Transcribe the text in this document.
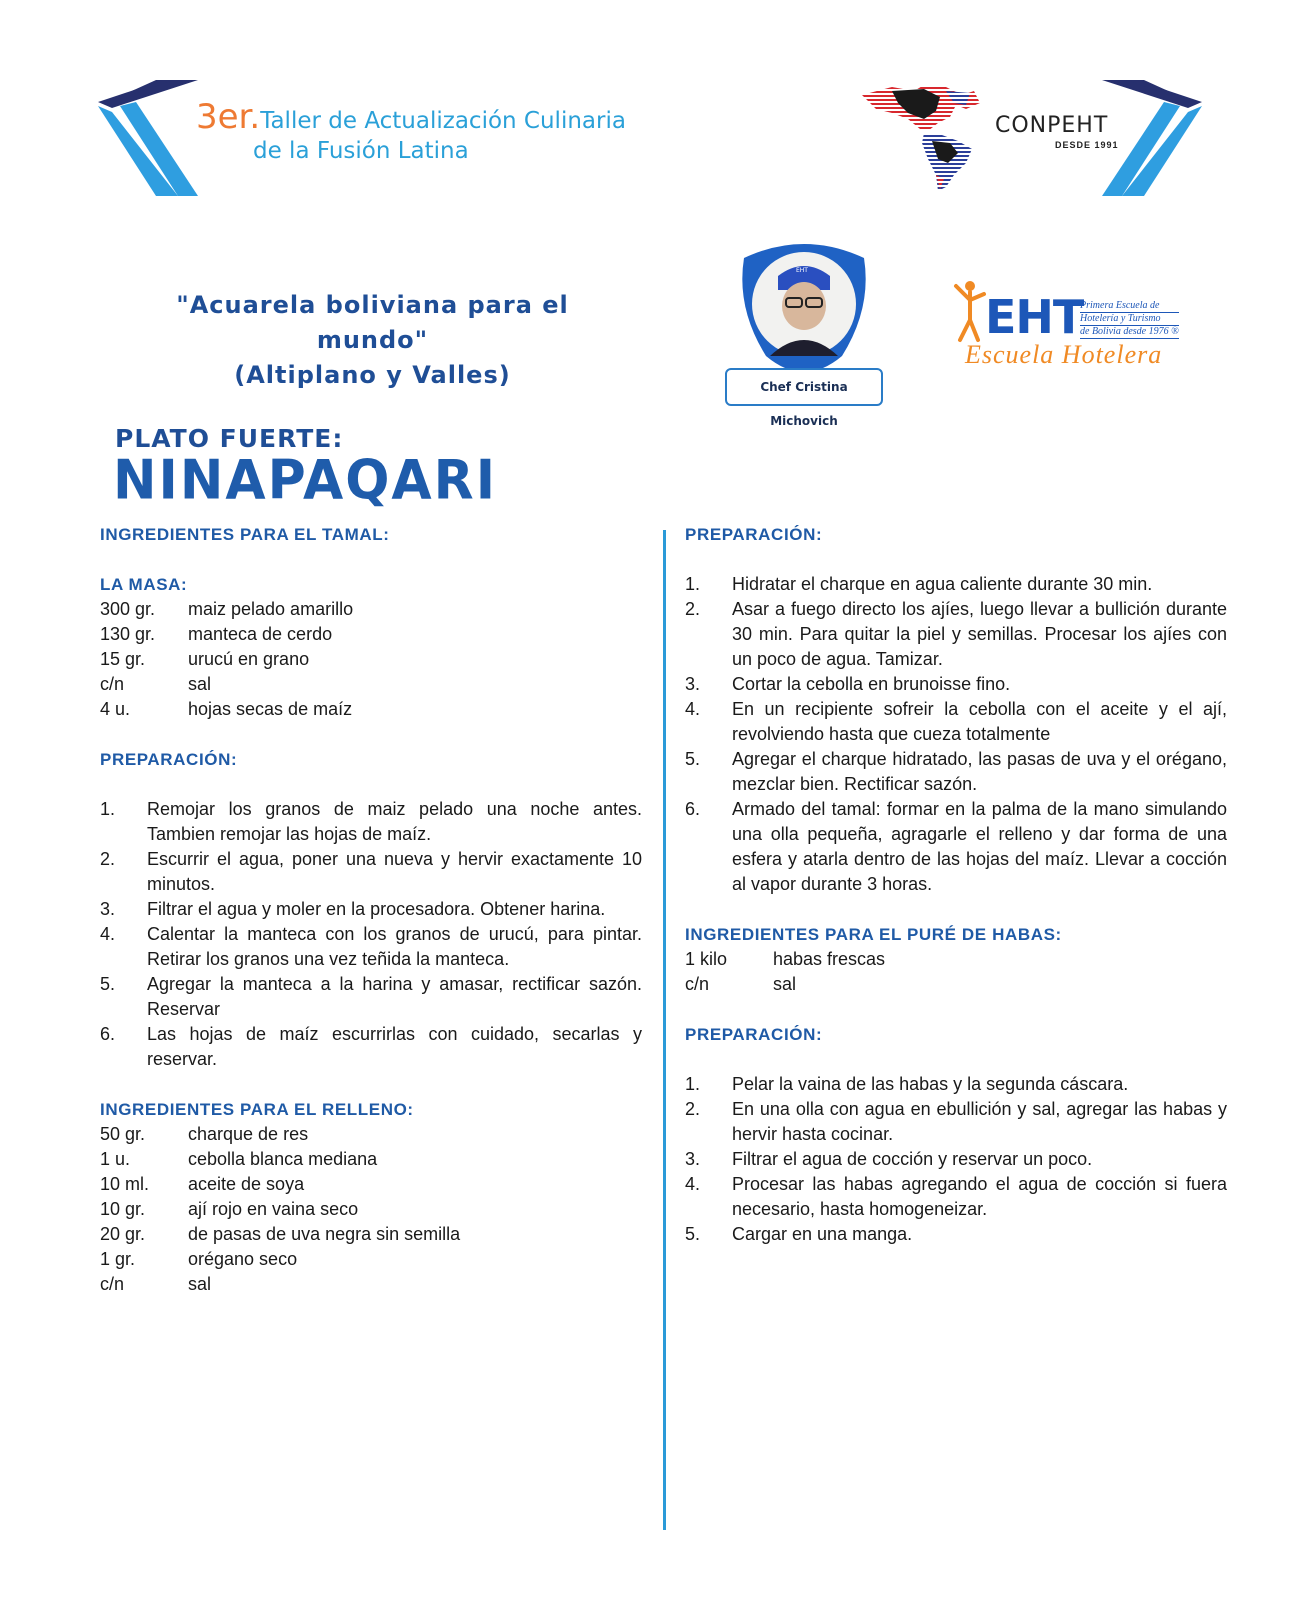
3er.Taller de Actualización Culinaria
de la Fusión Latina
CONPEHT
DESDE 1991
"Acuarela boliviana para el mundo"
(Altiplano y Valles)
EHT
Chef Cristina Michovich
EHT
Primera Escuela de
Hotelería y Turismo
de Bolivia desde 1976 ®
Escuela Hotelera
PLATO FUERTE:
NINAPAQARI
INGREDIENTES PARA EL TAMAL:
LA MASA:
300 gr.	maiz pelado amarillo
130 gr.	manteca de cerdo
15 gr.	urucú en grano
c/n	sal
4 u.	hojas secas de maíz
PREPARACIÓN:
1.	Remojar los granos de maiz pelado una noche antes. Tambien remojar las hojas de maíz.
2.	Escurrir el agua, poner una nueva y hervir exactamente 10 minutos.
3.	Filtrar el agua y moler en la procesadora. Obtener harina.
4.	Calentar la manteca con los granos de urucú, para pintar. Retirar los granos una vez teñida la manteca.
5.	Agregar la manteca a la harina y amasar, rectificar sazón. Reservar
6.	Las hojas de maíz escurrirlas con cuidado, secarlas y reservar.
INGREDIENTES PARA EL RELLENO:
50 gr.	charque de res
1 u.	cebolla blanca mediana
10 ml.	aceite de soya
10 gr.	ají rojo en vaina seco
20 gr.	de pasas de uva negra sin semilla
1 gr.	orégano seco
c/n	sal
PREPARACIÓN:
1.	Hidratar el charque en agua caliente durante 30 min.
2.	Asar a fuego directo los ajíes, luego llevar a bullición durante 30 min. Para quitar la piel y semillas. Procesar los ajíes con un poco de agua. Tamizar.
3.	Cortar la cebolla en brunoisse fino.
4.	En un recipiente sofreir la cebolla con el aceite y el ají, revolviendo hasta que cueza totalmente
5.	Agregar el charque hidratado, las pasas de uva y el orégano, mezclar bien. Rectificar sazón.
6.	Armado del tamal: formar en la palma de la mano simulando una olla pequeña, agragarle el relleno y dar forma de una esfera y atarla dentro de las hojas del maíz. Llevar a cocción al vapor durante 3 horas.
INGREDIENTES PARA EL PURÉ DE HABAS:
1 kilo	habas frescas
c/n	sal
PREPARACIÓN:
1.	Pelar la vaina de las habas y la segunda cáscara.
2.	En una olla con agua en ebullición y sal, agregar las habas y hervir hasta cocinar.
3.	Filtrar el agua de cocción y reservar un poco.
4.	Procesar las habas agregando el agua de cocción si fuera necesario, hasta homogeneizar.
5.	Cargar en una manga.
